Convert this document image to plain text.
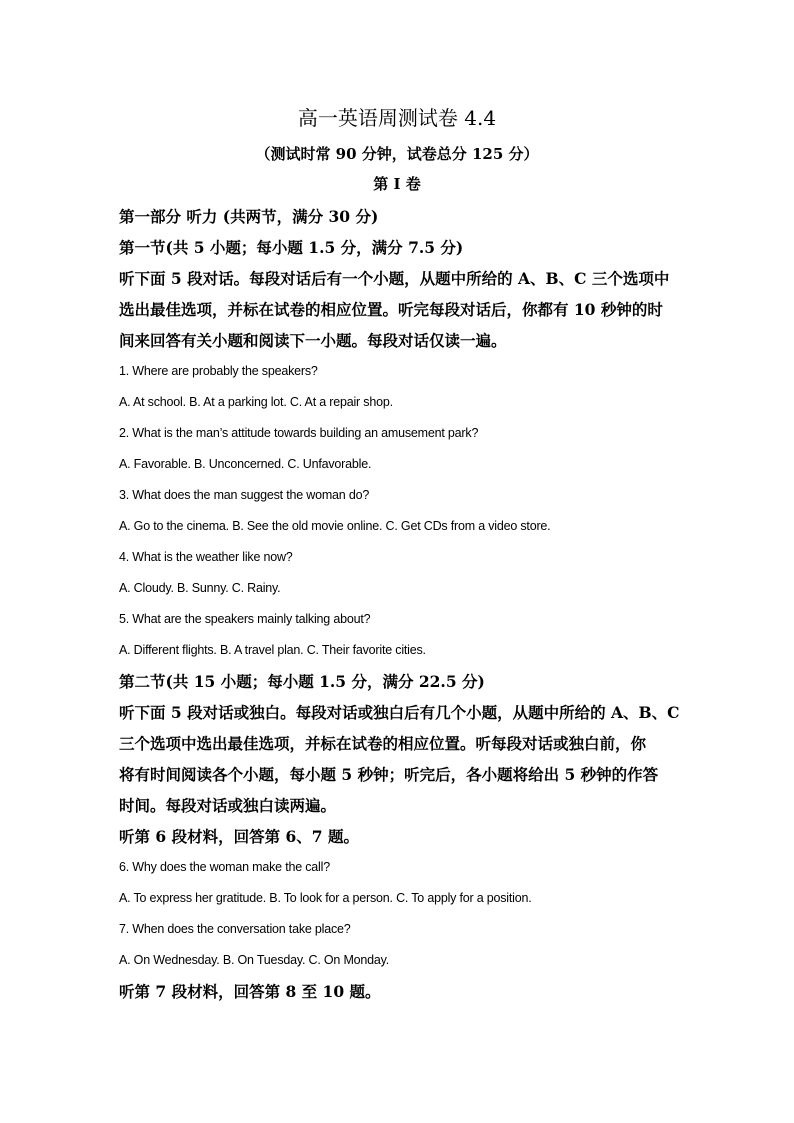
高一英语周测试卷 4.4
（测试时常 90 分钟，试卷总分 125 分）
第 I 卷
第一部分 听力 (共两节，满分 30 分)
第一节(共 5 小题；每小题 1.5 分，满分 7.5 分)
听下面 5 段对话。每段对话后有一个小题，从题中所给的 A、B、C 三个选项中
选出最佳选项，并标在试卷的相应位置。听完每段对话后，你都有 10 秒钟的时
间来回答有关小题和阅读下一小题。每段对话仅读一遍。
1. Where are probably the speakers?
A. At school. B. At a parking lot. C. At a repair shop.
2. What is the man’s attitude towards building an amusement park?
A. Favorable. B. Unconcerned. C. Unfavorable.
3. What does the man suggest the woman do?
A. Go to the cinema. B. See the old movie online. C. Get CDs from a video store.
4. What is the weather like now?
A. Cloudy. B. Sunny. C. Rainy.
5. What are the speakers mainly talking about?
A. Different flights. B. A travel plan. C. Their favorite cities.
第二节(共 15 小题；每小题 1.5 分，满分 22.5 分)
听下面 5 段对话或独白。每段对话或独白后有几个小题，从题中所给的 A、B、C
三个选项中选出最佳选项，并标在试卷的相应位置。听每段对话或独白前，你
将有时间阅读各个小题，每小题 5 秒钟；听完后，各小题将给出 5 秒钟的作答
时间。每段对话或独白读两遍。
听第 6 段材料，回答第 6、7 题。
6. Why does the woman make the call?
A. To express her gratitude. B. To look for a person. C. To apply for a position.
7. When does the conversation take place?
A. On Wednesday. B. On Tuesday. C. On Monday.
听第 7 段材料，回答第 8 至 10 题。
